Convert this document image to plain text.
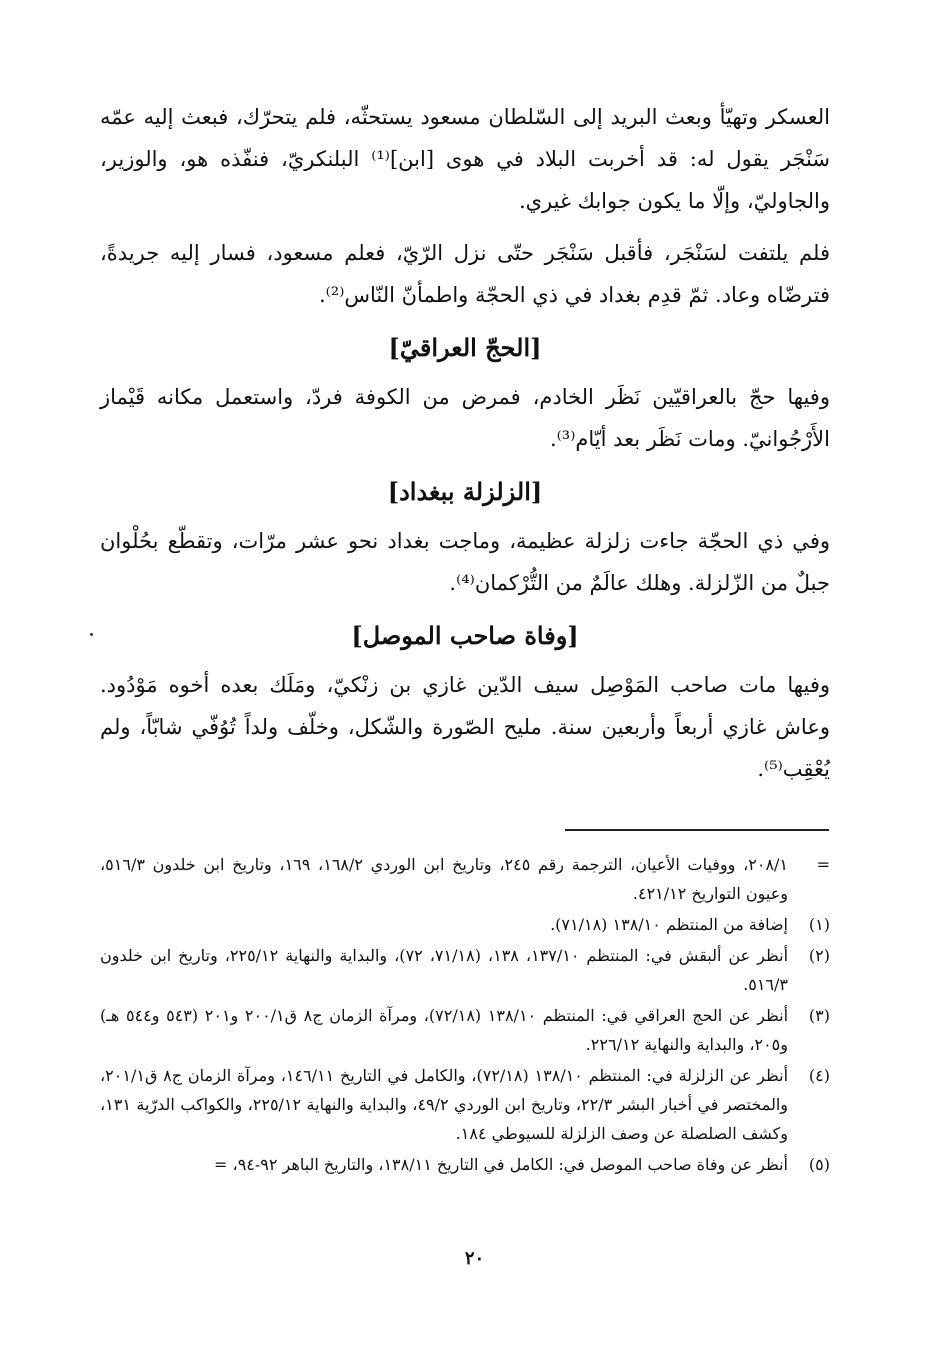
العسكر وتهيّأ وبعث البريد إلى السّلطان مسعود يستحثّه، فلم يتحرّك، فبعث إليه عمّه سَنْجَر يقول له: قد أخربت البلاد في هوى [ابن]⁽¹⁾ البلنكريّ، فنفّذه هو، والوزير، والجاوليّ، وإلّا ما يكون جوابك غيري.

فلم يلتفت لسَنْجَر، فأقبل سَنْجَر حتّى نزل الرّيّ، فعلم مسعود، فسار إليه جريدةً، فترضّاه وعاد. ثمّ قدِم بغداد في ذي الحجّة واطمأنّ النّاس⁽²⁾.

[الحجّ العراقيّ]

وفيها حجّ بالعراقيّين نَظَر الخادم، فمرض من الكوفة فردّ، واستعمل مكانه قَيْماز الأَرْجُوانيّ. ومات نَظَر بعد أيّام⁽³⁾.

[الزلزلة ببغداد]

وفي ذي الحجّة جاءت زلزلة عظيمة، وماجت بغداد نحو عشر مرّات، وتقطّع بحُلْوان جبلٌ من الزّلزلة. وهلك عالَمٌ من التُّرْكمان⁽⁴⁾.

[وفاة صاحب الموصل]

وفيها مات صاحب المَوْصِل سيف الدّين غازي بن زنْكيّ، ومَلَك بعده أخوه مَوْدُود. وعاش غازي أربعاً وأربعين سنة. مليح الصّورة والشّكل، وخلّف ولداً تُوُفّي شابّاً، ولم يُعْقِب⁽⁵⁾.

=
٢٠٨/١، ووفيات الأعيان، الترجمة رقم ٢٤٥، وتاريخ ابن الوردي ١٦٨/٢، ١٦٩، وتاريخ ابن خلدون ٥١٦/٣، وعيون التواريخ ٤٢١/١٢.
(١)
إضافة من المنتظم ١٣٨/١٠ (٧١/١٨).
(٢)
أنظر عن ألبقش في: المنتظم ١٣٧/١٠، ١٣٨، (٧١/١٨، ٧٢)، والبداية والنهاية ٢٢٥/١٢، وتاريخ ابن خلدون ٥١٦/٣.
(٣)
أنظر عن الحج العراقي في: المنتظم ١٣٨/١٠ (٧٢/١٨)، ومرآة الزمان ج٨ ق٢٠٠/١ و٢٠١ (٥٤٣ و٥٤٤ هـ) و٢٠٥، والبداية والنهاية ٢٢٦/١٢.
(٤)
أنظر عن الزلزلة في: المنتظم ١٣٨/١٠ (٧٢/١٨)، والكامل في التاريخ ١٤٦/١١، ومرآة الزمان ج٨ ق٢٠١/١، والمختصر في أخبار البشر ٢٢/٣، وتاريخ ابن الوردي ٤٩/٢، والبداية والنهاية ٢٢٥/١٢، والكواكب الدرّية ١٣١، وكشف الصلصلة عن وصف الزلزلة للسيوطي ١٨٤.
(٥)
أنظر عن وفاة صاحب الموصل في: الكامل في التاريخ ١٣٨/١١، والتاريخ الباهر ٩٢-٩٤، =
٢٠
